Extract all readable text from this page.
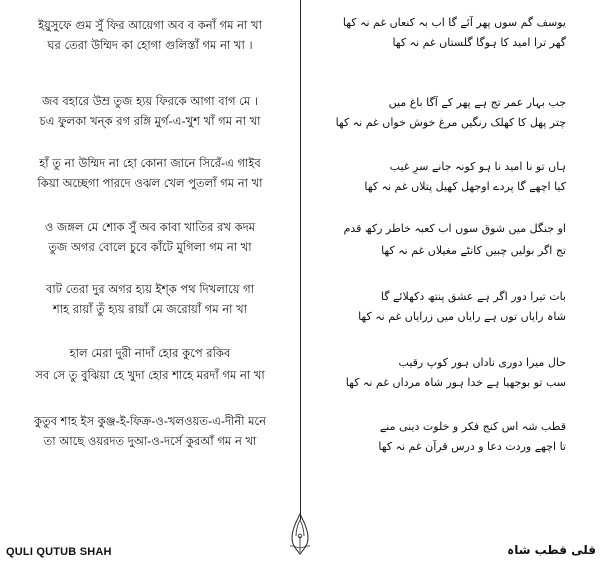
ইয়ুসুফে গুম সুঁ ফির আয়েগা অব ব কনাঁ গম না খা
ঘর তেরা উম্মিদ কা হোগা গুলিস্তাঁ গম না খা ।
জব বহারে উম্র তুজ হ্যয় ফিরকে আগা বাগ মে ।
চএ ফুলকা খন্ক রগ রঙ্গি মুর্গ-এ-খুশ খাঁ গম না খা
হাঁ তু না উম্মিদ না হো কোনা জানে সিরেঁ-এ গাইব
কিয়া অচ্ছেগা পারদে ওঝল খেল পুতলাঁ গম না খা
ও জঙ্গল মে শোক সুঁ অব কাবা খাতির রখ কদম
তুজ অগর বোলে চুবে কাঁটে মুগিলা গম না খা
বাট তেরা দুর অগর হ্যয় ইশ্ক পথ দিখলায়ে গা
শাহ রায়াঁ তুঁ হ্যয় রায়াঁ মে জরোয়াঁ গম না খা
হাল মেরা দুরী নাদাঁ হোর কুপে রকিব
সব সে তু বুঝিয়া হে খুদা হোর শাহে মরদাঁ গম না খা
কুতুব শাহ ইস কুঞ্জ-ই-ফিক্র-ও-খলওয়ত-এ-দীনী মনে
তা আছে ওয়রদত দুআ-ও-দর্সে কুরআঁ গম ন খা
یوسف گم سوں پھر آئے گا اب بہ کنعاں غم نہ کھا
گھر ترا امید کا ہوگا گلستاں غم نہ کھا
جب بہار عمر تج ہے پھر کے آگا باغ میں
چتر پھل کا کھلک رنگیں مرغ خوش خواں غم نہ کھا
ہاں تو نا امید نا ہو کونہ جانے سرِ غیب
کیا اچھے گا پردے اوجھل کھیل پتلاں غم نہ کھا
او جنگل میں شوق سوں اب کعبہ خاطر رکھ قدم
تج اگر بولیں چبیں کانٹے مغیلاں غم نہ کھا
بات تیرا دور اگر ہے عشق پنتھ دکھلائے گا
شاہ رایاں توں ہے رایاں میں زرایاں غم نہ کھا
حال میرا دوری ناداں ہور کوپ رقیب
سب تو بوجھیا ہے خدا ہور شاہ مرداں غم نہ کھا
قطب شہ اس کنج فکر و خلوت دینی منے
تا اچھے وردت دعا و درس قرآن غم نہ کھا
QULI QUTUB SHAH	قلی قطب شاہ
